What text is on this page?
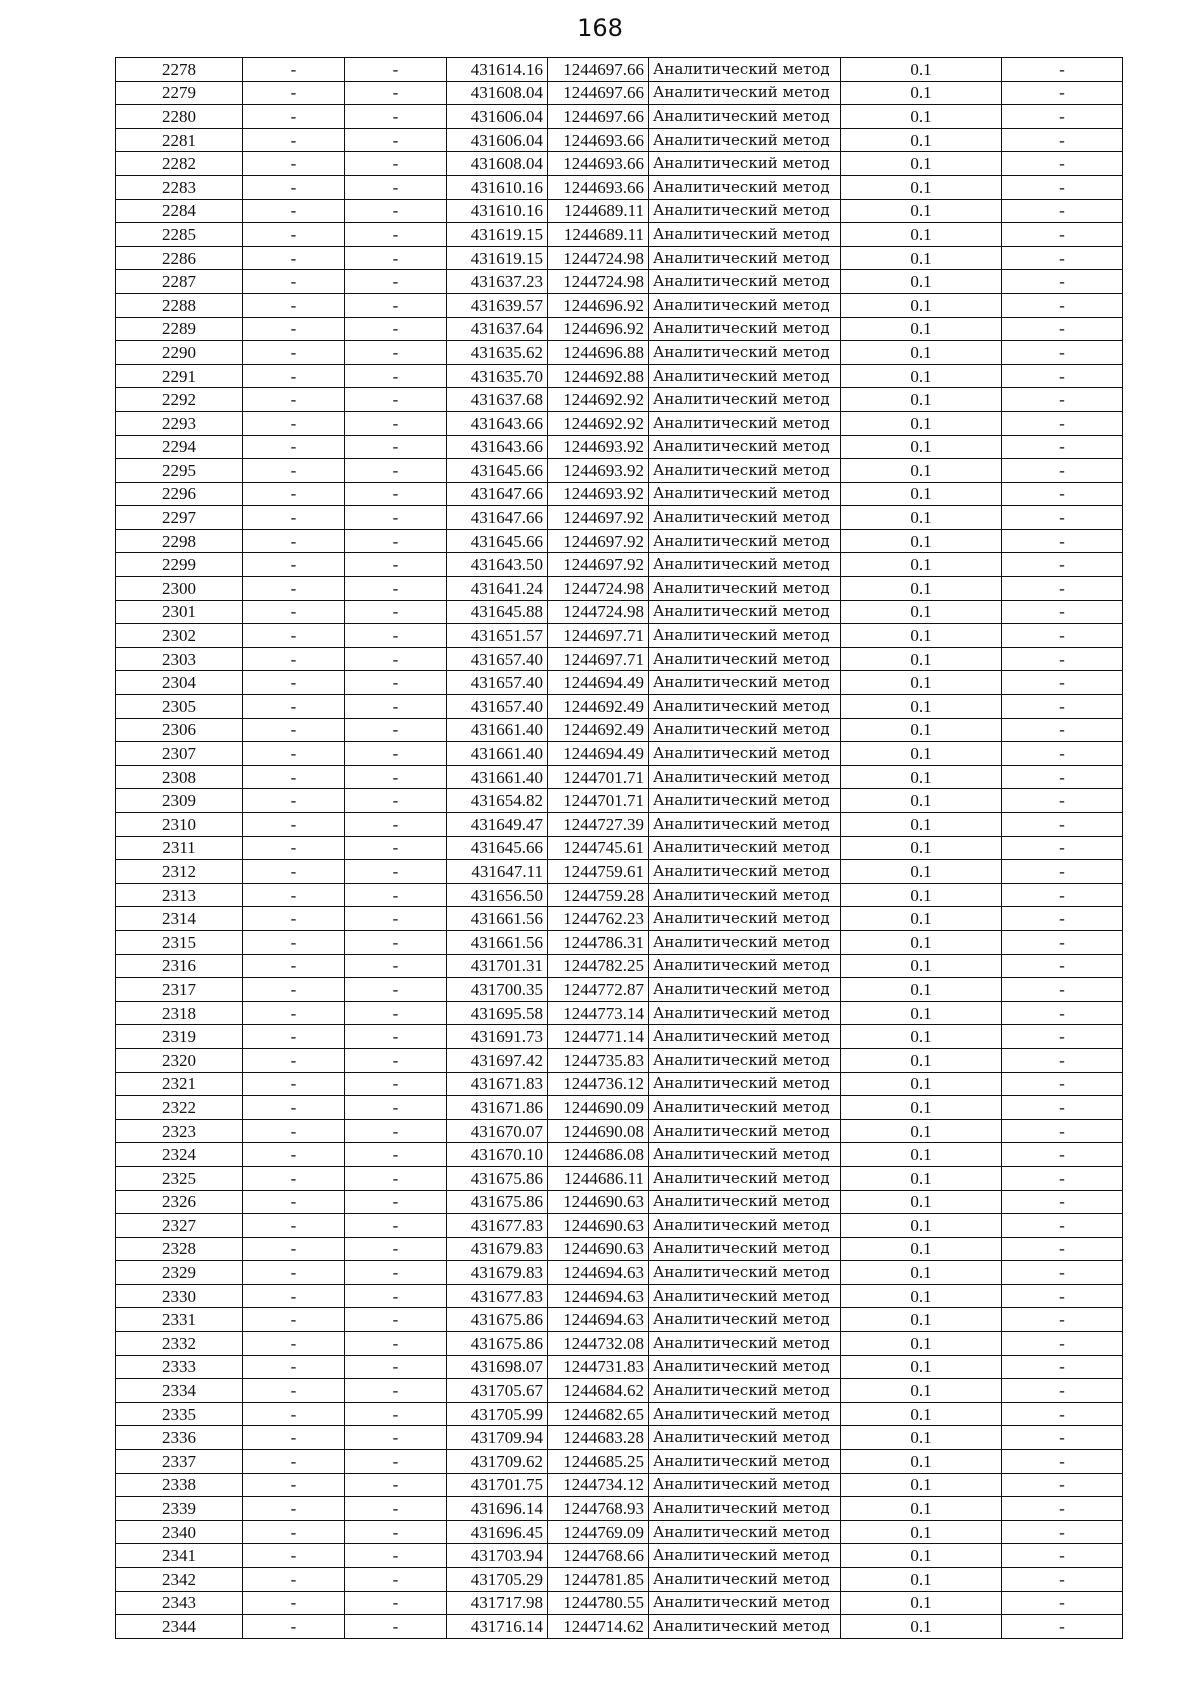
168
2278	-	-	431614.16	1244697.66	Аналитический метод	0.1	-
2279	-	-	431608.04	1244697.66	Аналитический метод	0.1	-
2280	-	-	431606.04	1244697.66	Аналитический метод	0.1	-
2281	-	-	431606.04	1244693.66	Аналитический метод	0.1	-
2282	-	-	431608.04	1244693.66	Аналитический метод	0.1	-
2283	-	-	431610.16	1244693.66	Аналитический метод	0.1	-
2284	-	-	431610.16	1244689.11	Аналитический метод	0.1	-
2285	-	-	431619.15	1244689.11	Аналитический метод	0.1	-
2286	-	-	431619.15	1244724.98	Аналитический метод	0.1	-
2287	-	-	431637.23	1244724.98	Аналитический метод	0.1	-
2288	-	-	431639.57	1244696.92	Аналитический метод	0.1	-
2289	-	-	431637.64	1244696.92	Аналитический метод	0.1	-
2290	-	-	431635.62	1244696.88	Аналитический метод	0.1	-
2291	-	-	431635.70	1244692.88	Аналитический метод	0.1	-
2292	-	-	431637.68	1244692.92	Аналитический метод	0.1	-
2293	-	-	431643.66	1244692.92	Аналитический метод	0.1	-
2294	-	-	431643.66	1244693.92	Аналитический метод	0.1	-
2295	-	-	431645.66	1244693.92	Аналитический метод	0.1	-
2296	-	-	431647.66	1244693.92	Аналитический метод	0.1	-
2297	-	-	431647.66	1244697.92	Аналитический метод	0.1	-
2298	-	-	431645.66	1244697.92	Аналитический метод	0.1	-
2299	-	-	431643.50	1244697.92	Аналитический метод	0.1	-
2300	-	-	431641.24	1244724.98	Аналитический метод	0.1	-
2301	-	-	431645.88	1244724.98	Аналитический метод	0.1	-
2302	-	-	431651.57	1244697.71	Аналитический метод	0.1	-
2303	-	-	431657.40	1244697.71	Аналитический метод	0.1	-
2304	-	-	431657.40	1244694.49	Аналитический метод	0.1	-
2305	-	-	431657.40	1244692.49	Аналитический метод	0.1	-
2306	-	-	431661.40	1244692.49	Аналитический метод	0.1	-
2307	-	-	431661.40	1244694.49	Аналитический метод	0.1	-
2308	-	-	431661.40	1244701.71	Аналитический метод	0.1	-
2309	-	-	431654.82	1244701.71	Аналитический метод	0.1	-
2310	-	-	431649.47	1244727.39	Аналитический метод	0.1	-
2311	-	-	431645.66	1244745.61	Аналитический метод	0.1	-
2312	-	-	431647.11	1244759.61	Аналитический метод	0.1	-
2313	-	-	431656.50	1244759.28	Аналитический метод	0.1	-
2314	-	-	431661.56	1244762.23	Аналитический метод	0.1	-
2315	-	-	431661.56	1244786.31	Аналитический метод	0.1	-
2316	-	-	431701.31	1244782.25	Аналитический метод	0.1	-
2317	-	-	431700.35	1244772.87	Аналитический метод	0.1	-
2318	-	-	431695.58	1244773.14	Аналитический метод	0.1	-
2319	-	-	431691.73	1244771.14	Аналитический метод	0.1	-
2320	-	-	431697.42	1244735.83	Аналитический метод	0.1	-
2321	-	-	431671.83	1244736.12	Аналитический метод	0.1	-
2322	-	-	431671.86	1244690.09	Аналитический метод	0.1	-
2323	-	-	431670.07	1244690.08	Аналитический метод	0.1	-
2324	-	-	431670.10	1244686.08	Аналитический метод	0.1	-
2325	-	-	431675.86	1244686.11	Аналитический метод	0.1	-
2326	-	-	431675.86	1244690.63	Аналитический метод	0.1	-
2327	-	-	431677.83	1244690.63	Аналитический метод	0.1	-
2328	-	-	431679.83	1244690.63	Аналитический метод	0.1	-
2329	-	-	431679.83	1244694.63	Аналитический метод	0.1	-
2330	-	-	431677.83	1244694.63	Аналитический метод	0.1	-
2331	-	-	431675.86	1244694.63	Аналитический метод	0.1	-
2332	-	-	431675.86	1244732.08	Аналитический метод	0.1	-
2333	-	-	431698.07	1244731.83	Аналитический метод	0.1	-
2334	-	-	431705.67	1244684.62	Аналитический метод	0.1	-
2335	-	-	431705.99	1244682.65	Аналитический метод	0.1	-
2336	-	-	431709.94	1244683.28	Аналитический метод	0.1	-
2337	-	-	431709.62	1244685.25	Аналитический метод	0.1	-
2338	-	-	431701.75	1244734.12	Аналитический метод	0.1	-
2339	-	-	431696.14	1244768.93	Аналитический метод	0.1	-
2340	-	-	431696.45	1244769.09	Аналитический метод	0.1	-
2341	-	-	431703.94	1244768.66	Аналитический метод	0.1	-
2342	-	-	431705.29	1244781.85	Аналитический метод	0.1	-
2343	-	-	431717.98	1244780.55	Аналитический метод	0.1	-
2344	-	-	431716.14	1244714.62	Аналитический метод	0.1	-
